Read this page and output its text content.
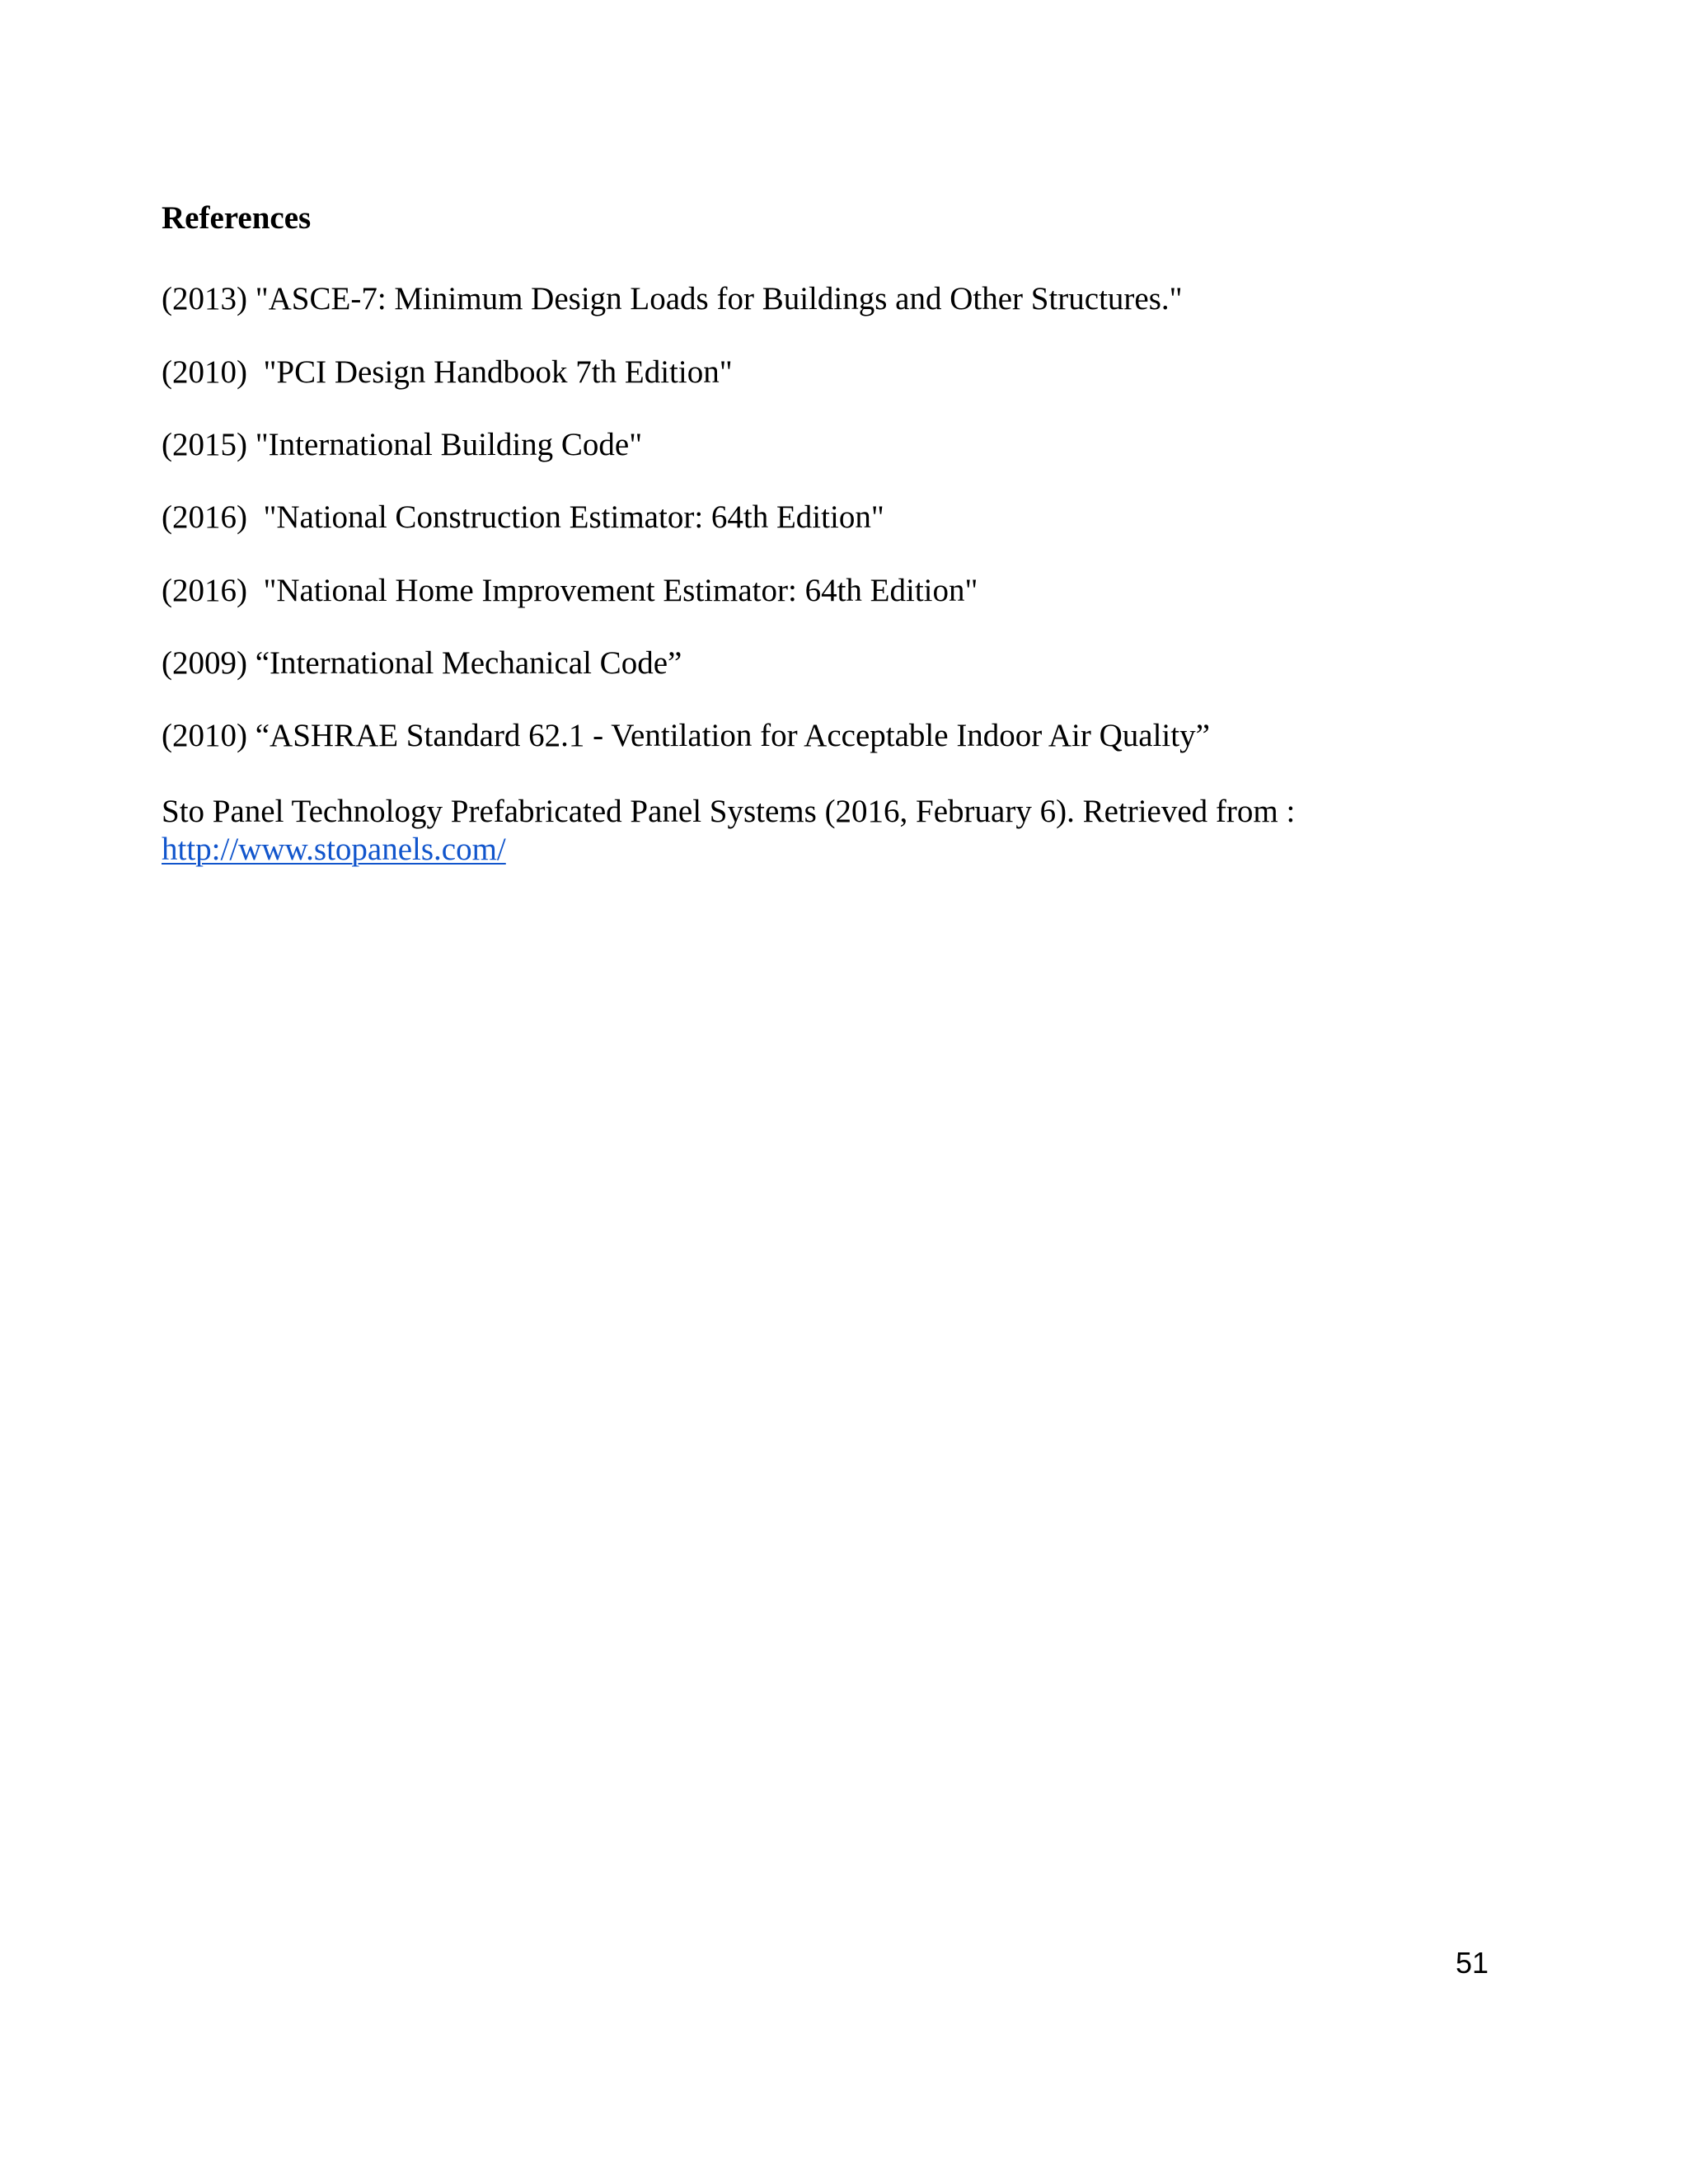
References
(2013) "ASCE-7: Minimum Design Loads for Buildings and Other Structures."
(2010)  "PCI Design Handbook 7th Edition"
(2015) "International Building Code"
(2016)  "National Construction Estimator: 64th Edition"
(2016)  "National Home Improvement Estimator: 64th Edition"
(2009) “International Mechanical Code”
(2010) “ASHRAE Standard 62.1 - Ventilation for Acceptable Indoor Air Quality”
Sto Panel Technology Prefabricated Panel Systems (2016, February 6). Retrieved from :
http://www.stopanels.com/
51
